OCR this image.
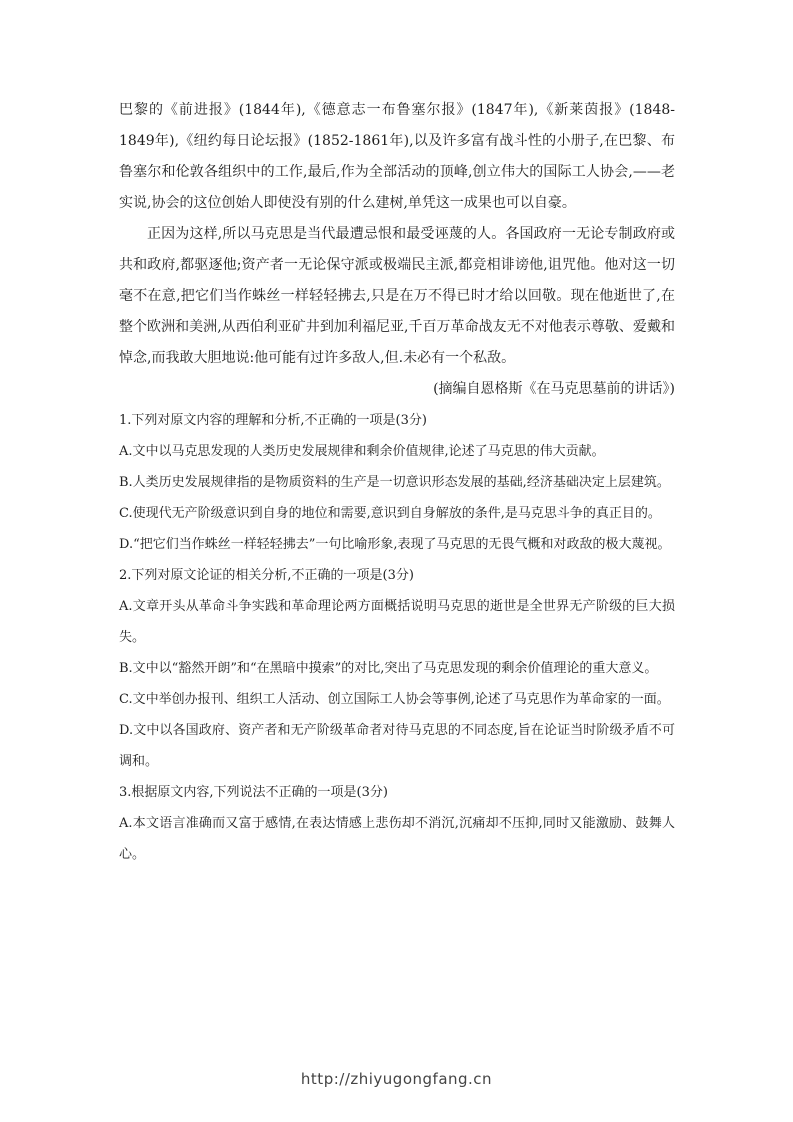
巴黎的《前进报》(1844年),《德意志一布鲁塞尔报》(1847年),《新莱茵报》(1848-1849年),《纽约每日论坛报》(1852-1861年),以及许多富有战斗性的小册子,在巴黎、布鲁塞尔和伦敦各组织中的工作,最后,作为全部活动的顶峰,创立伟大的国际工人协会,——老实说,协会的这位创始人即使没有别的什么建树,单凭这一成果也可以自豪。

正因为这样,所以马克思是当代最遭忌恨和最受诬蔑的人。各国政府一无论专制政府或共和政府,都驱逐他;资产者一无论保守派或极端民主派,都竞相诽谤他,诅咒他。他对这一切毫不在意,把它们当作蛛丝一样轻轻拂去,只是在万不得已时才给以回敬。现在他逝世了,在整个欧洲和美洲,从西伯利亚矿井到加利福尼亚,千百万革命战友无不对他表示尊敬、爱戴和悼念,而我敢大胆地说:他可能有过许多敌人,但.未必有一个私敌。

(摘编自恩格斯《在马克思墓前的讲话》)

1.下列对原文内容的理解和分析,不正确的一项是(3分)

A.文中以马克思发现的人类历史发展规律和剩余价值规律,论述了马克思的伟大贡献。

B.人类历史发展规律指的是物质资料的生产是一切意识形态发展的基础,经济基础决定上层建筑。

C.使现代无产阶级意识到自身的地位和需要,意识到自身解放的条件,是马克思斗争的真正目的。

D.“把它们当作蛛丝一样轻轻拂去”一句比喻形象,表现了马克思的无畏气概和对政敌的极大蔑视。

2.下列对原文论证的相关分析,不正确的一项是(3分)

A.文章开头从革命斗争实践和革命理论两方面概括说明马克思的逝世是全世界无产阶级的巨大损失。

B.文中以“豁然开朗”和“在黑暗中摸索”的对比,突出了马克思发现的剩余价值理论的重大意义。

C.文中举创办报刊、组织工人活动、创立国际工人协会等事例,论述了马克思作为革命家的一面。

D.文中以各国政府、资产者和无产阶级革命者对待马克思的不同态度,旨在论证当时阶级矛盾不可调和。

3.根据原文内容,下列说法不正确的一项是(3分)

A.本文语言准确而又富于感情,在表达情感上悲伤却不消沉,沉痛却不压抑,同时又能激励、鼓舞人心。

http://zhiyugongfang.cn
